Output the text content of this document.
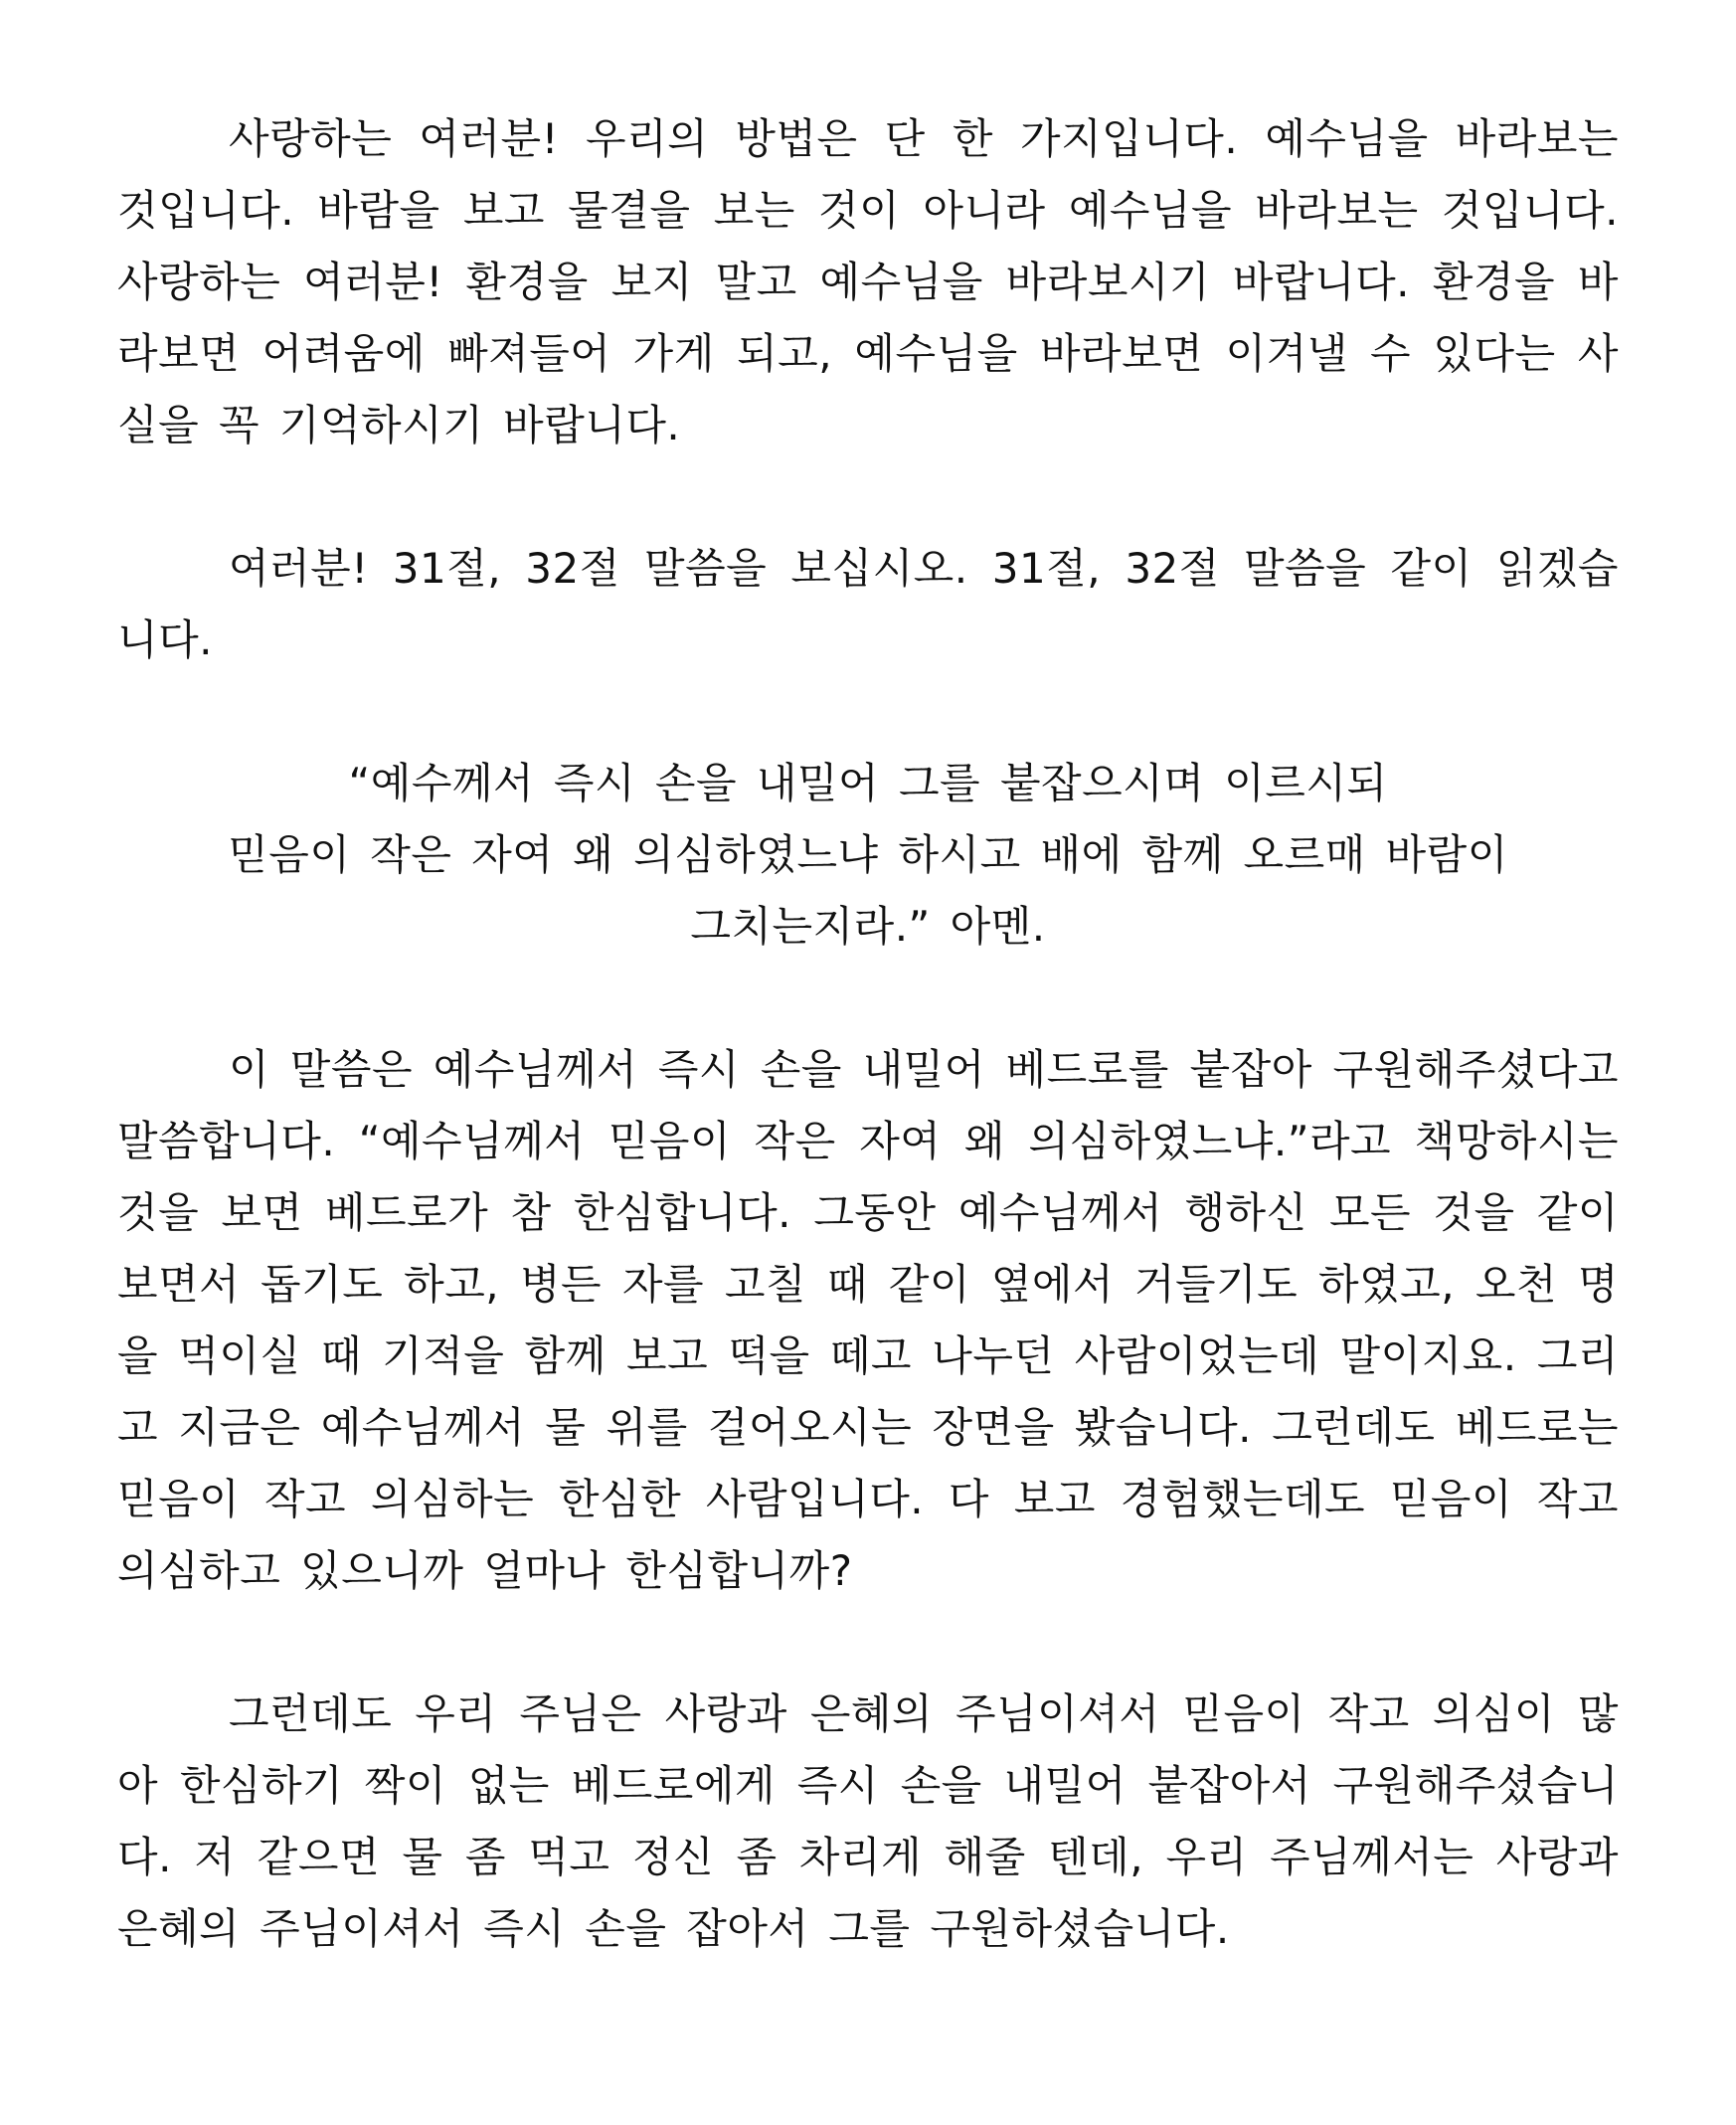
사랑하는 여러분! 우리의 방법은 단 한 가지입니다. 예수님을 바라보는 것입니다. 바람을 보고 물결을 보는 것이 아니라 예수님을 바라보는 것입니다. 사랑하는 여러분! 환경을 보지 말고 예수님을 바라보시기 바랍니다. 환경을 바라보면 어려움에 빠져들어 가게 되고, 예수님을 바라보면 이겨낼 수 있다는 사실을 꼭 기억하시기 바랍니다.

여러분! 31절, 32절 말씀을 보십시오. 31절, 32절 말씀을 같이 읽겠습니다.

“예수께서 즉시 손을 내밀어 그를 붙잡으시며 이르시되
믿음이 작은 자여 왜 의심하였느냐 하시고 배에 함께 오르매 바람이
그치는지라.” 아멘.

이 말씀은 예수님께서 즉시 손을 내밀어 베드로를 붙잡아 구원해주셨다고 말씀합니다. “예수님께서 믿음이 작은 자여 왜 의심하였느냐.”라고 책망하시는 것을 보면 베드로가 참 한심합니다. 그동안 예수님께서 행하신 모든 것을 같이 보면서 돕기도 하고, 병든 자를 고칠 때 같이 옆에서 거들기도 하였고, 오천 명을 먹이실 때 기적을 함께 보고 떡을 떼고 나누던 사람이었는데 말이지요. 그리고 지금은 예수님께서 물 위를 걸어오시는 장면을 봤습니다. 그런데도 베드로는 믿음이 작고 의심하는 한심한 사람입니다. 다 보고 경험했는데도 믿음이 작고 의심하고 있으니까 얼마나 한심합니까?

그런데도 우리 주님은 사랑과 은혜의 주님이셔서 믿음이 작고 의심이 많아 한심하기 짝이 없는 베드로에게 즉시 손을 내밀어 붙잡아서 구원해주셨습니다. 저 같으면 물 좀 먹고 정신 좀 차리게 해줄 텐데, 우리 주님께서는 사랑과 은혜의 주님이셔서 즉시 손을 잡아서 그를 구원하셨습니다.
